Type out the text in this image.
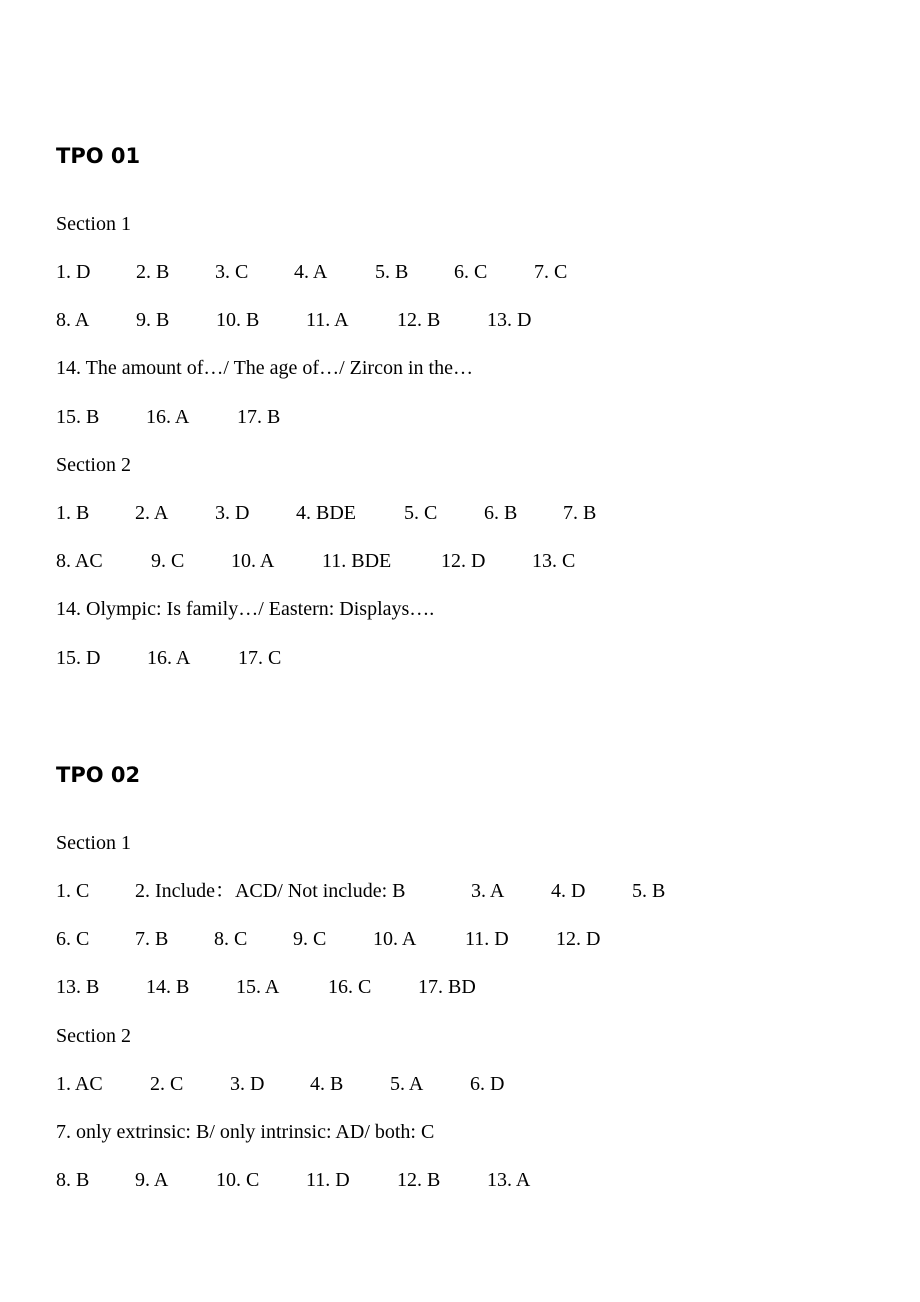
TPO 01
Section 1
1. D 2. B 3. C 4. A 5. B 6. C 7. C
8. A 9. B 10. B 11. A 12. B 13. D
14. The amount of…/ The age of…/ Zircon in the…
15. B 16. A 17. B
Section 2
1. B 2. A 3. D 4. BDE 5. C 6. B 7. B
8. AC 9. C 10. A 11. BDE 12. D 13. C
14. Olympic: Is family…/ Eastern: Displays….
15. D 16. A 17. C
TPO 02
Section 1
1. C 2. Include：ACD/ Not include: B	3. A 4. D 5. B
6. C 7. B 8. C 9. C 10. A 11. D 12. D
13. B 14. B 15. A 16. C 17. BD
Section 2
1. AC 2. C 3. D 4. B 5. A 6. D
7. only extrinsic: B/ only intrinsic: AD/ both: C
8. B 9. A 10. C 11. D 12. B 13. A
